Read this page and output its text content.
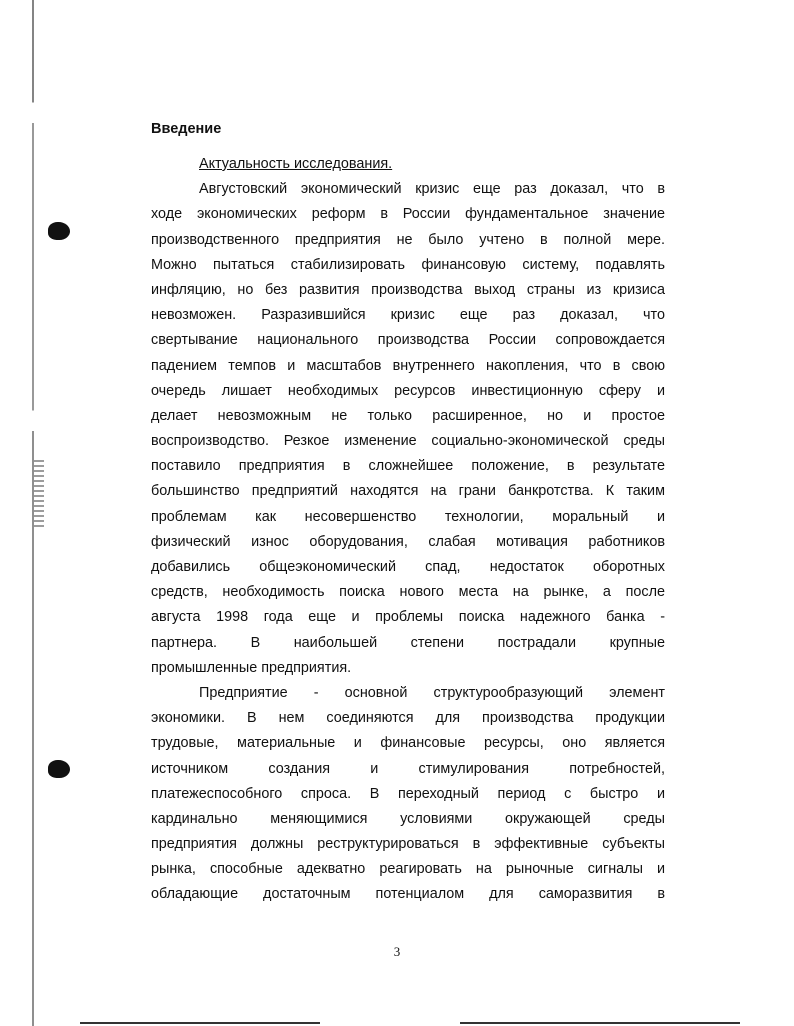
Введение
Актуальность исследования.
Августовский экономический кризис еще раз доказал, что в
ходе экономических реформ в России фундаментальное значение
производственного предприятия не было учтено в полной мере.
Можно пытаться стабилизировать финансовую систему, подавлять
инфляцию, но без развития производства выход страны из кризиса
невозможен. Разразившийся кризис еще раз доказал, что
свертывание национального производства России сопровождается
падением темпов и масштабов внутреннего накопления, что в свою
очередь лишает необходимых ресурсов инвестиционную сферу и
делает невозможным не только расширенное, но и простое
воспроизводство. Резкое изменение социально-экономической среды
поставило предприятия в сложнейшее положение, в результате
большинство предприятий находятся на грани банкротства. К таким
проблемам как несовершенство технологии, моральный и
физический износ оборудования, слабая мотивация работников
добавились общеэкономический спад, недостаток оборотных
средств, необходимость поиска нового места на рынке, а после
августа 1998 года еще и проблемы поиска надежного банка -
партнера. В наибольшей степени пострадали крупные
промышленные предприятия.
Предприятие - основной структурообразующий элемент
экономики. В нем соединяются для производства продукции
трудовые, материальные и финансовые ресурсы, оно является
источником создания и стимулирования потребностей,
платежеспособного спроса. В переходный период с быстро и
кардинально меняющимися условиями окружающей среды
предприятия должны реструктурироваться в эффективные субъекты
рынка, способные адекватно реагировать на рыночные сигналы и
обладающие достаточным потенциалом для саморазвития в
3
